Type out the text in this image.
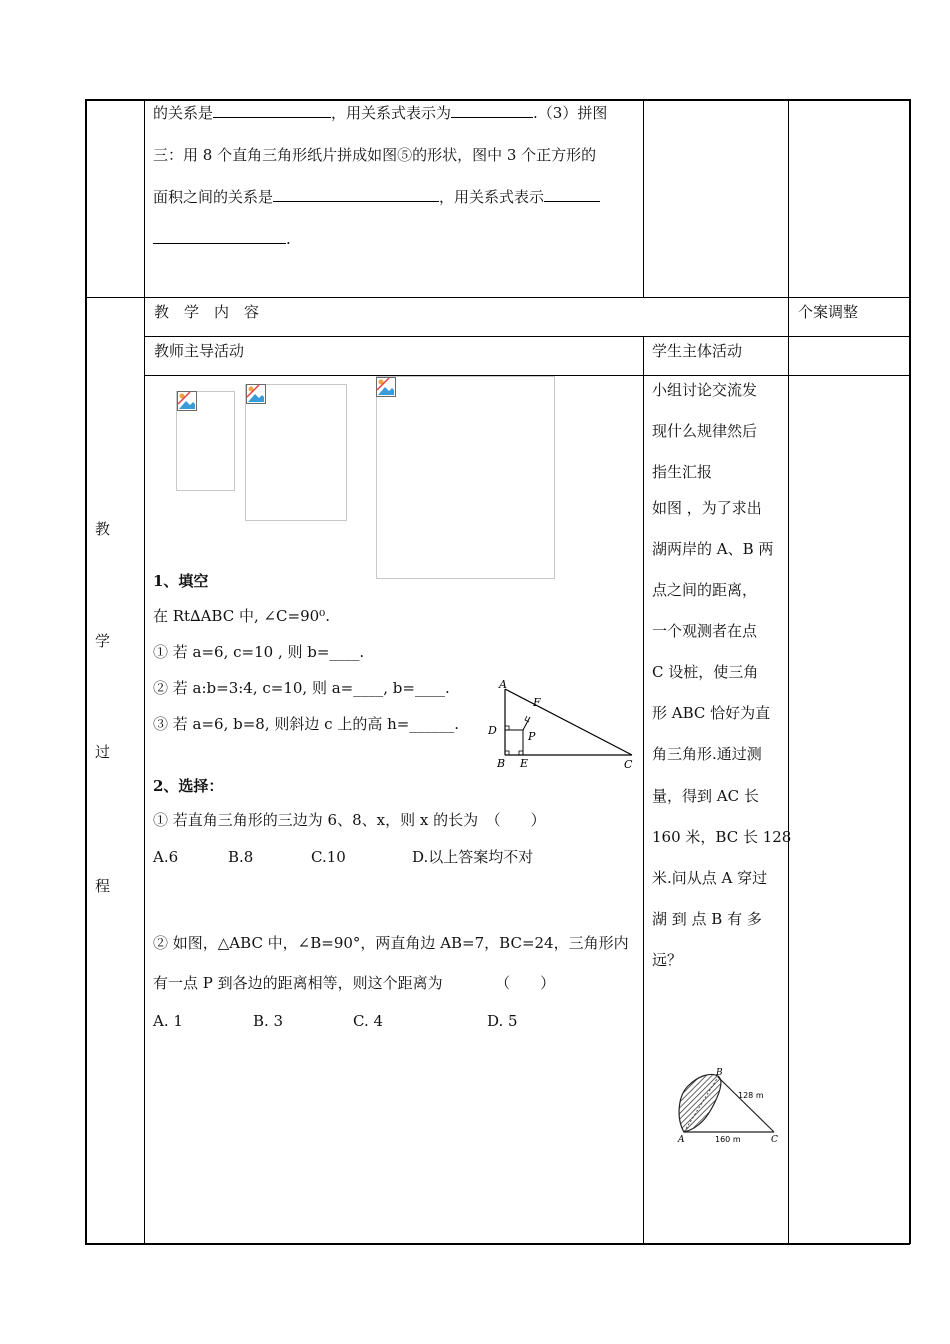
的关系是	，用关系式表示为	.（3）拼图
三：用 8 个直角三角形纸片拼成如图⑤的形状，图中 3 个正方形的
面积之间的关系是	，用关系式表示
.
教
学
过
程
教　学　内　容	个案调整
教师主导活动	学生主体活动
1、填空
在 Rt∆ABC 中, ∠C=90⁰.
① 若 a=6, c=10 , 则 b=____.
② 若 a:b=3:4, c=10, 则 a=____, b=____.
③ 若 a=6, b=8, 则斜边 c 上的高 h=______.
A
F
D	P
B E	C
2、选择：
① 若直角三角形的三边为 6、8、x，则 x 的长为　（　　）
A.6	B.8	C.10	D.以上答案均不对
② 如图，△ABC 中，∠B=90°，两直角边 AB=7，BC=24，三角形内
有一点 P 到各边的距离相等，则这个距离为　　　　（　　）
A. 1	B. 3	C. 4	D. 5
小组讨论交流发
现什么规律然后
指生汇报
如图 ，为了求出
湖两岸的 A、B 两
点之间的距离，
一个观测者在点
C 设桩，使三角
形 ABC 恰好为直
角三角形.通过测
量，得到 AC 长
160 米，BC 长 128
米.问从点 A 穿过
湖 到 点 B 有 多
远？
B
A	C
128 m
160 m
